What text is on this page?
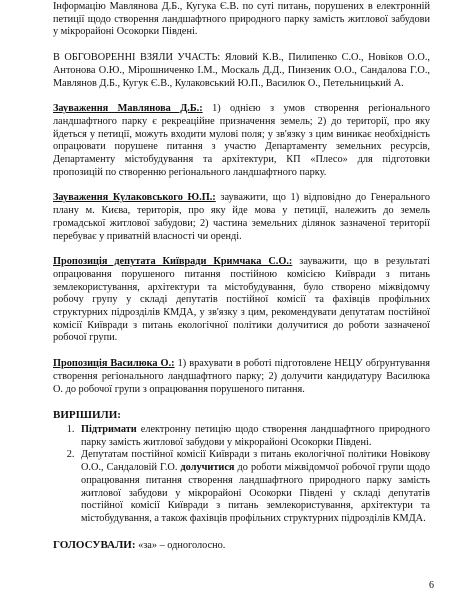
Інформацію Мавлянова Д.Б., Кугука Є.В. по суті питань, порушених в електронній петиції щодо створення ландшафтного природного парку замість житлової забудови у мікрорайоні Осокорки Південі.

В ОБГОВОРЕННІ ВЗЯЛИ УЧАСТЬ: Яловий К.В., Пилипенко С.О., Новіков О.О., Антонова О.Ю., Мірошниченко І.М., Москаль Д.Д., Пинзеник О.О., Сандалова Г.О., Мавлянов Д.Б., Кугук Є.В., Кулаковський Ю.П., Василюк О., Петельницький А.

Зауваження Мавлянова Д.Б.: 1) однією з умов створення регіонального ландшафтного парку є рекреаційне призначення земель; 2) до території, про яку йдеться у петиції, можуть входити мулові поля; у зв'язку з цим виникає необхідність опрацювати порушене питання з участю Департаменту земельних ресурсів, Департаменту містобудування та архітектури, КП «Плесо» для підготовки пропозицій по створенню регіонального ландшафтного парку.

Зауваження Кулаковського Ю.П.: зауважити, що 1) відповідно до Генерального плану м. Києва, територія, про яку йде мова у петиції, належить до земель громадської житлової забудови; 2) частина земельних ділянок зазначеної території перебуває у приватній власності чи оренді.

Пропозиція депутата Київради Кримчака С.О.: зауважити, що в результаті опрацювання порушеного питання постійною комісією Київради з питань землекористування, архітектури та містобудування, було створено міжвідомчу робочу групу у складі депутатів постійної комісії та фахівців профільних структурних підрозділів КМДА, у зв'язку з цим, рекомендувати депутатам постійної комісії Київради з питань екологічної політики долучитися до роботи зазначеної робочої групи.

Пропозиція Василюка О.: 1) врахувати в роботі підготовлене НЕЦУ обґрунтування створення регіонального ландшафтного парку; 2) долучити кандидатуру Василюка О. до робочої групи з опрацювання порушеного питання.

ВИРІШИЛИ:

1. Підтримати електронну петицію щодо створення ландшафтного природного парку замість житлової забудови у мікрорайоні Осокорки Південі.
2. Депутатам постійної комісії Київради з питань екологічної політики Новікову О.О., Сандаловій Г.О. долучитися до роботи міжвідомчої робочої групи щодо опрацювання питання створення ландшафтного природного парку замість житлової забудови у мікрорайоні Осокорки Південі у складі депутатів постійної комісії Київради з питань землекористування, архітектури та містобудування, а також фахівців профільних структурних підрозділів КМДА.

ГОЛОСУВАЛИ: «за» – одноголосно.

6
